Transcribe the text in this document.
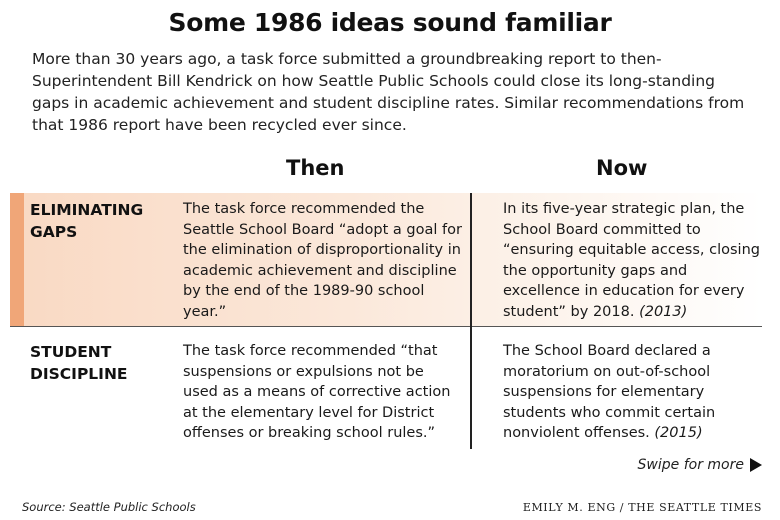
Some 1986 ideas sound familiar
More than 30 years ago, a task force submitted a groundbreaking report to then-Superintendent Bill Kendrick on how Seattle Public Schools could close its long-standing gaps in academic achievement and student discipline rates. Similar recommendations from that 1986 report have been recycled ever since.
Then	Now
ELIMINATING
GAPS
The task force recommended the Seattle School Board “adopt a goal for the elimination of disproportionality in academic achievement and discipline by the end of the 1989-90 school year.”
In its five-year strategic plan, the School Board committed to “ensuring equitable access, closing the opportunity gaps and excellence in education for every student” by 2018. (2013)
STUDENT
DISCIPLINE
The task force recommended “that suspensions or expulsions not be used as a means of corrective action at the elementary level for District offenses or breaking school rules.”
The School Board declared a moratorium on out-of-school suspensions for elementary students who commit certain nonviolent offenses. (2015)
Swipe for more
Source: Seattle Public Schools	EMILY M. ENG / THE SEATTLE TIMES
